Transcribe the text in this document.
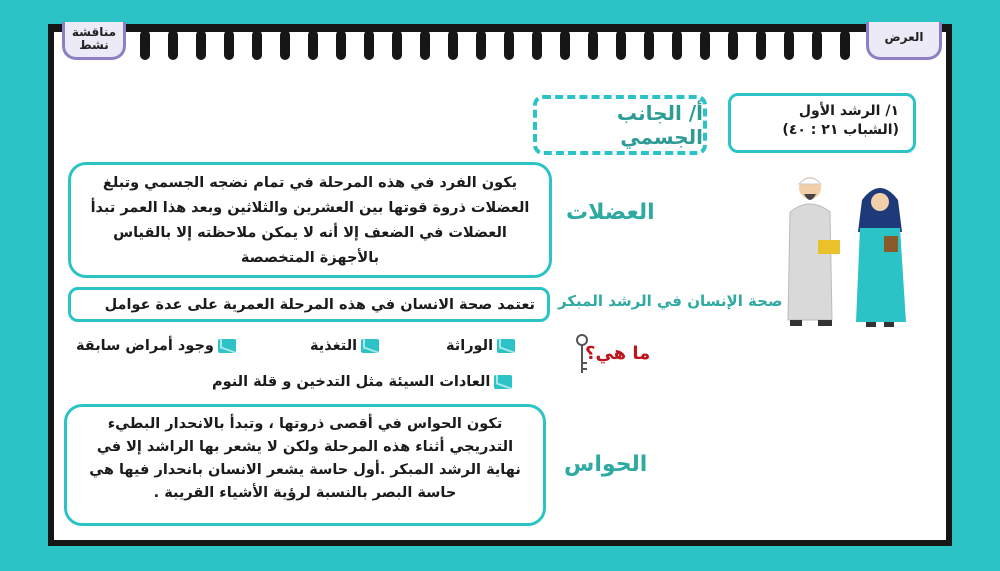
مناقشة نشط
العرض
١/ الرشد الأول
(الشباب ٢١ : ٤٠)
أ/ الجانب الجسمي
العضلات
يكون الفرد في هذه المرحلة في تمام نضجه الجسمي وتبلغ العضلات ذروة قوتها بين العشرين والثلاثين وبعد هذا العمر تبدأ العضلات في الضعف إلا أنه لا يمكن ملاحظته إلا بالقياس بالأجهزة المتخصصة
صحة الإنسان في الرشد المبكر
تعتمد صحة الانسان في هذه المرحلة العمرية على عدة عوامل
الوراثة
التغذية
وجود أمراض سابقة
العادات السيئة مثل التدخين و قلة النوم
ما هي؟
الحواس
تكون الحواس في أقصى ذروتها ، وتبدأ بالانحدار البطيء التدريجي أثناء هذه المرحلة ولكن لا يشعر بها الراشد إلا في نهاية الرشد المبكر .أول حاسة يشعر الانسان بانحدار فيها هي حاسة البصر بالنسبة لرؤية الأشياء القريبة .
